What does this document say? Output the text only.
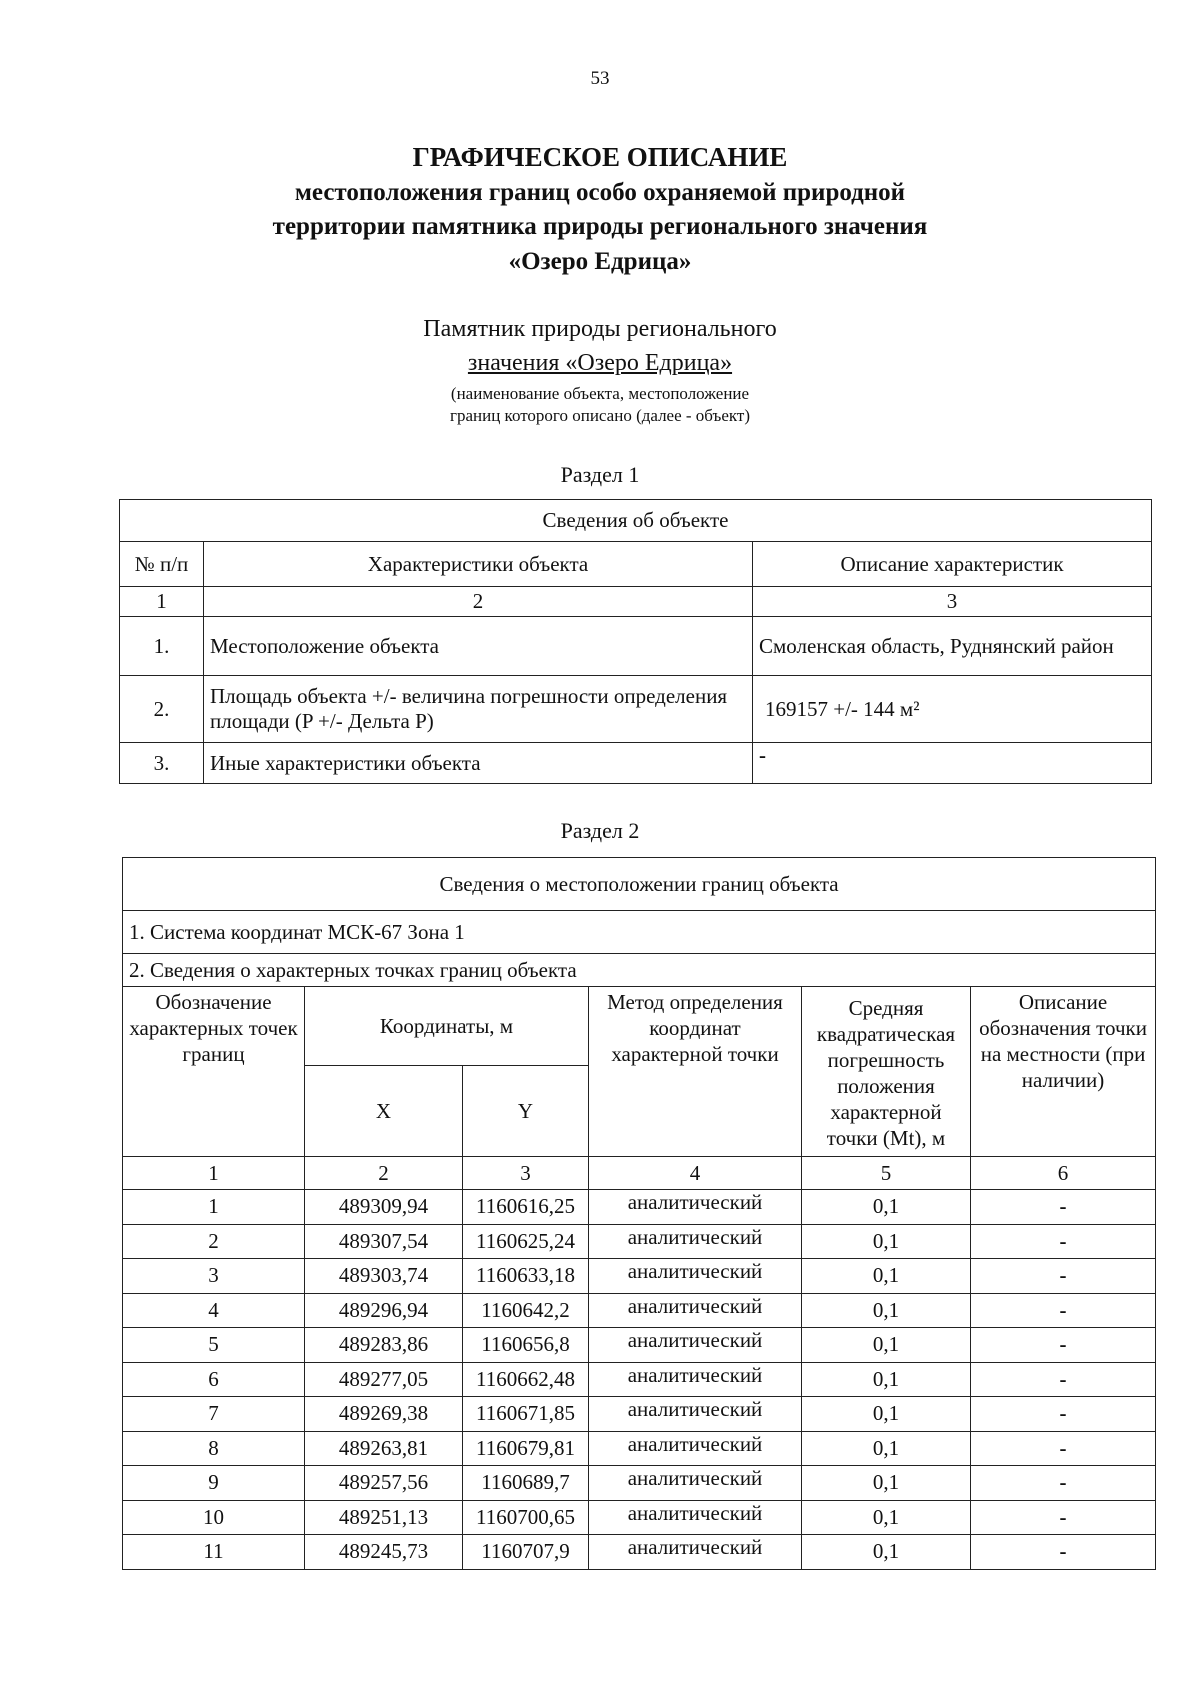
53
ГРАФИЧЕСКОЕ ОПИСАНИЕ
местоположения границ особо охраняемой природной
территории памятника природы регионального значения
«Озеро Едрица»
Памятник природы регионального
значения «Озеро Едрица»
(наименование объекта, местоположение
границ которого описано (далее - объект)
Раздел 1
Сведения об объекте		
№ п/п	Характеристики объекта	Описание характеристик
1	2	3
1.	Местоположение объекта	Смоленская область, Руднянский район
2.	Площадь объекта +/- величина погрешности определения площади (P +/- Дельта P)	169157 +/- 144 м²
3.	Иные характеристики объекта	-
Раздел 2
Сведения о местоположении границ объекта					
1. Система координат МСК-67 Зона 1					
2. Сведения о характерных точках границ объекта					
Обозначение характерных точек границ	Координаты, м		Метод определения координат характерной точки	Средняя квадратическая погрешность положения характерной точки (Mt), м	Описание обозначения точки на местности (при наличии)
	X	Y			
1	2	3	4	5	6
1	489309,94	1160616,25	аналитический	0,1	-
2	489307,54	1160625,24	аналитический	0,1	-
3	489303,74	1160633,18	аналитический	0,1	-
4	489296,94	1160642,2	аналитический	0,1	-
5	489283,86	1160656,8	аналитический	0,1	-
6	489277,05	1160662,48	аналитический	0,1	-
7	489269,38	1160671,85	аналитический	0,1	-
8	489263,81	1160679,81	аналитический	0,1	-
9	489257,56	1160689,7	аналитический	0,1	-
10	489251,13	1160700,65	аналитический	0,1	-
11	489245,73	1160707,9	аналитический	0,1	-
